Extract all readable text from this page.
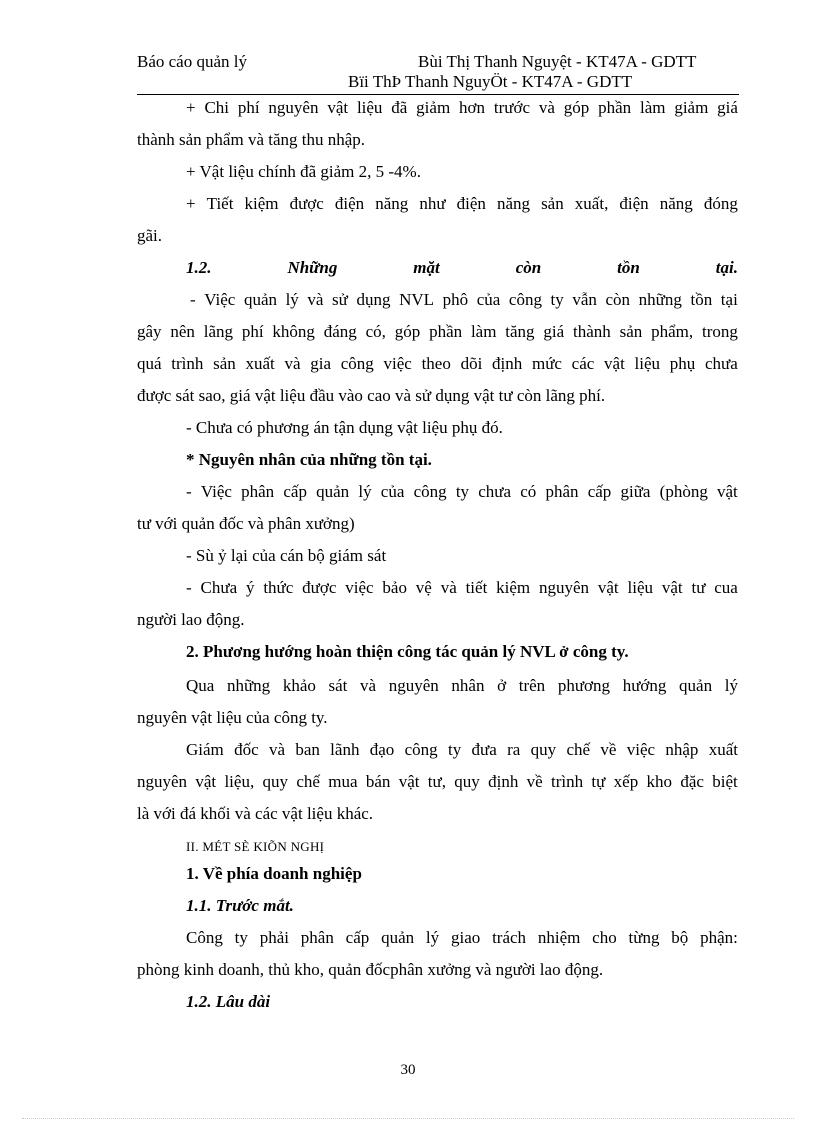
Báo cáo quản lý	Bùi Thị Thanh Nguyệt - KT47A - GDTT
Bïi ThÞ Thanh NguyÖt - KT47A - GDTT
+ Chi phí nguyên vật liệu đã giảm hơn trước và góp phần làm giảm giá
thành sản phẩm và tăng thu nhập.
+ Vật liệu chính đã giảm 2, 5 -4%.
+ Tiết kiệm được điện năng như điện năng sản xuất, điện năng đóng
gãi.
1.2.	Những	mặt	còn	tồn	tại.
- Việc quản lý và sử dụng NVL phô của công ty vẫn còn những tồn tại
gây nên lãng phí không đáng có, góp phần làm tăng giá thành sản phẩm, trong
quá trình sản xuất và gia công việc theo dõi định mức các vật liệu phụ chưa
được sát sao, giá vật liệu đầu vào cao và sử dụng vật tư còn lãng phí.
- Chưa có phương án tận dụng vật liệu phụ đó.
* Nguyên nhân của những tồn tại.
- Việc phân cấp quản lý của công ty chưa có phân cấp giữa (phòng vật
tư với quản đốc và phân xưởng)
- Sù ỷ lại của cán bộ giám sát
- Chưa ý thức được việc bảo vệ và tiết kiệm nguyên vật liệu vật tư cua
người lao động.
2. Phương hướng hoàn thiện công tác quản lý NVL ở công ty.
Qua những khảo sát và nguyên nhân ở trên phương hướng quản lý
nguyên vật liệu của công ty.
Giám đốc và ban lãnh đạo công ty đưa ra quy chế về việc nhập xuất
nguyên vật liệu, quy chế mua bán vật tư, quy định về trình tự xếp kho đặc biệt
là với đá khối và các vật liệu khác.
II. MÉT SÈ KIÕN NGHỊ
1. Về phía doanh nghiệp
1.1. Trước mắt.
Công ty phải phân cấp quản lý giao trách nhiệm cho từng bộ phận:
phòng kinh doanh, thủ kho, quản đốcphân xưởng và người lao động.
1.2. Lâu dài
30
